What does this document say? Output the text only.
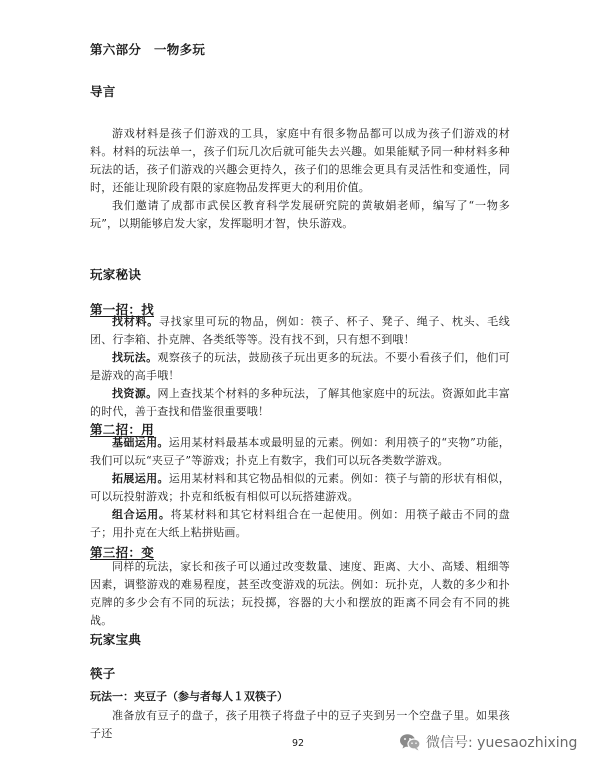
第六部分　一物多玩
导言
游戏材料是孩子们游戏的工具，家庭中有很多物品都可以成为孩子们游戏的材料。材料的玩法单一，孩子们玩几次后就可能失去兴趣。如果能赋予同一种材料多种玩法的话，孩子们游戏的兴趣会更持久，孩子们的思维会更具有灵活性和变通性，同时，还能让现阶段有限的家庭物品发挥更大的利用价值。
我们邀请了成都市武侯区教育科学发展研究院的黄敏娟老师，编写了“一物多玩”，以期能够启发大家，发挥聪明才智，快乐游戏。
玩家秘诀
第一招：找
找材料。寻找家里可玩的物品，例如：筷子、杯子、凳子、绳子、枕头、毛线团、行李箱、扑克牌、各类纸等等。没有找不到，只有想不到哦！
找玩法。观察孩子的玩法，鼓励孩子玩出更多的玩法。不要小看孩子们，他们可是游戏的高手哦！
找资源。网上查找某个材料的多种玩法，了解其他家庭中的玩法。资源如此丰富的时代，善于查找和借鉴很重要哦！
第二招：用
基础运用。运用某材料最基本或最明显的元素。例如：利用筷子的“夹物”功能，我们可以玩“夹豆子”等游戏；扑克上有数字，我们可以玩各类数学游戏。
拓展运用。运用某材料和其它物品相似的元素。例如：筷子与箭的形状有相似，可以玩投射游戏；扑克和纸板有相似可以玩搭建游戏。
组合运用。将某材料和其它材料组合在一起使用。例如：用筷子敲击不同的盘子；用扑克在大纸上粘拼贴画。
第三招：变
同样的玩法，家长和孩子可以通过改变数量、速度、距离、大小、高矮、粗细等因素，调整游戏的难易程度，甚至改变游戏的玩法。例如：玩扑克，人数的多少和扑克牌的多少会有不同的玩法；玩投掷，容器的大小和摆放的距离不同会有不同的挑战。
玩家宝典
筷子
玩法一：夹豆子（参与者每人１双筷子）
准备放有豆子的盘子，孩子用筷子将盘子中的豆子夹到另一个空盘子里。如果孩子还
92	微信号: yuesaozhixing
